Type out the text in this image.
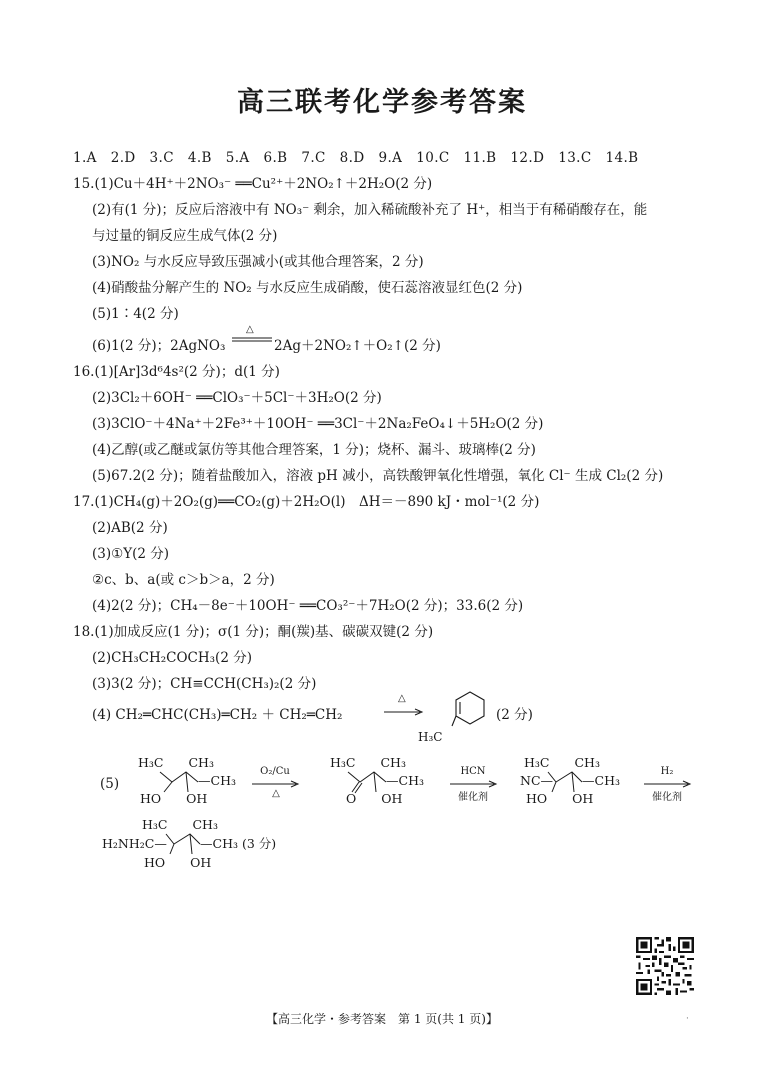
高三联考化学参考答案
1.A　2.D　3.C　4.B　5.A　6.B　7.C　8.D　9.A　10.C　11.B　12.D　13.C　14.B
15.(1)Cu＋4H⁺＋2NO₃⁻ ══Cu²⁺＋2NO₂↑＋2H₂O(2 分)
(2)有(1 分)；反应后溶液中有 NO₃⁻ 剩余，加入稀硫酸补充了 H⁺，相当于有稀硝酸存在，能
与过量的铜反应生成气体(2 分)
(3)NO₂ 与水反应导致压强减小(或其他合理答案，2 分)
(4)硝酸盐分解产生的 NO₂ 与水反应生成硝酸，使石蕊溶液显红色(2 分)
(5)1∶4(2 分)
(6)1(2 分)；2AgNO₃
△
2Ag＋2NO₂↑＋O₂↑(2 分)
16.(1)[Ar]3d⁶4s²(2 分)；d(1 分)
(2)3Cl₂＋6OH⁻ ══ClO₃⁻＋5Cl⁻＋3H₂O(2 分)
(3)3ClO⁻＋4Na⁺＋2Fe³⁺＋10OH⁻ ══3Cl⁻＋2Na₂FeO₄↓＋5H₂O(2 分)
(4)乙醇(或乙醚或氯仿等其他合理答案，1 分)；烧杯、漏斗、玻璃棒(2 分)
(5)67.2(2 分)；随着盐酸加入，溶液 pH 减小，高铁酸钾氧化性增强，氧化 Cl⁻ 生成 Cl₂(2 分)
17.(1)CH₄(g)＋2O₂(g)══CO₂(g)＋2H₂O(l)　ΔH＝－890 kJ・mol⁻¹(2 分)
(2)AB(2 分)
(3)①Y(2 分)
②c、b、a(或 c＞b＞a，2 分)
(4)2(2 分)；CH₄－8e⁻＋10OH⁻ ══CO₃²⁻＋7H₂O(2 分)；33.6(2 分)
18.(1)加成反应(1 分)；σ(1 分)；酮(羰)基、碳碳双键(2 分)
(2)CH₃CH₂COCH₃(2 分)
(3)3(2 分)；CH≡CCH(CH₃)₂(2 分)
(4) CH₂═CHC(CH₃)═CH₂ ＋ CH₂═CH₂
△
H₃C
(2 分)
(5)
H₃C　　CH₃
—CH₃
HO　　OH
O₂/Cu
△
H₃C　　CH₃
—CH₃
O　　OH
HCN
催化剂
H₃C　　CH₃
NC— —CH₃
HO　　OH
H₂
催化剂
H₃C　　CH₃
H₂NH₂C—	—CH₃ (3 分)
HO　　OH
【高三化学・参考答案　第 1 页(共 1 页)】	·
